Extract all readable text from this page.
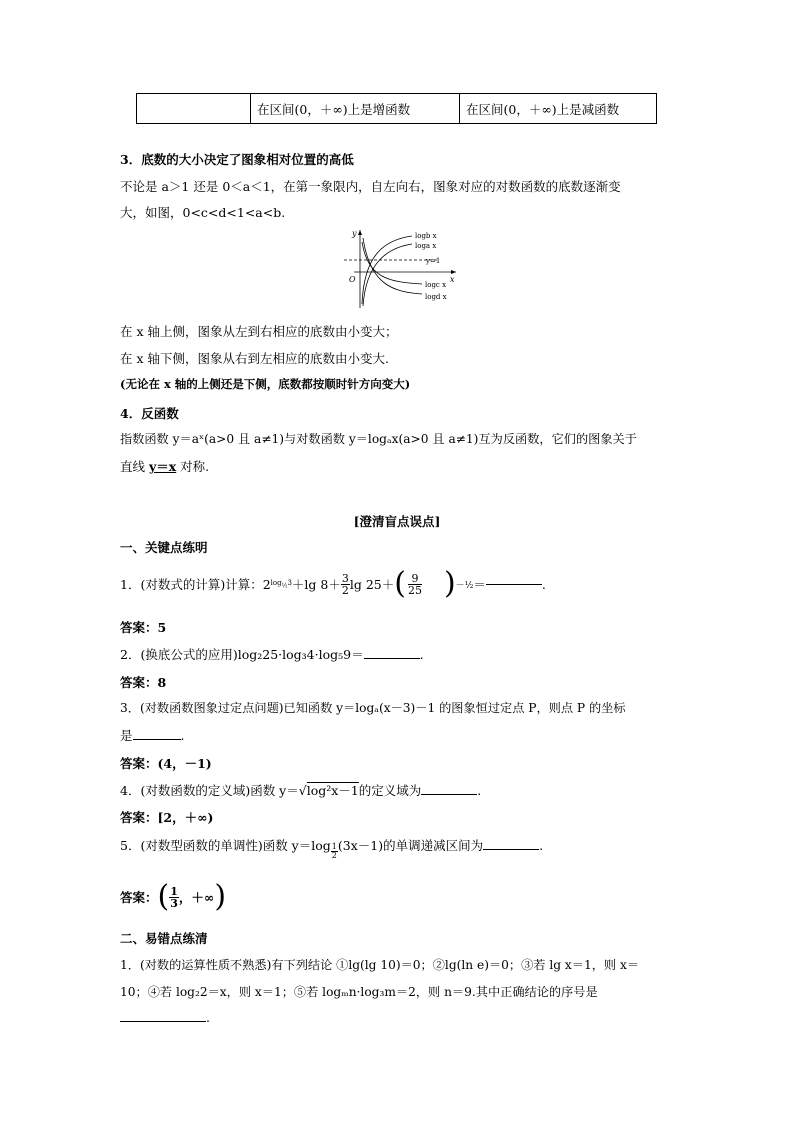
	在区间(0，＋∞)上是增函数	在区间(0，＋∞)上是减函数
3．底数的大小决定了图象相对位置的高低
不论是 a＞1 还是 0＜a＜1，在第一象限内，自左向右，图象对应的对数函数的底数逐渐变
大，如图，0<c<d<1<a<b.
y
x
O
y=1
logb x
loga x
logc x
logd x
在 x 轴上侧，图象从左到右相应的底数由小变大；
在 x 轴下侧，图象从右到左相应的底数由小变大.
(无论在 x 轴的上侧还是下侧，底数都按顺时针方向变大)
4．反函数
指数函数 y＝aˣ(a>0 且 a≠1)与对数函数 y＝logₐx(a>0 且 a≠1)互为反函数，它们的图象关于
直线 y＝x 对称.
[澄清盲点误点]
一、关键点练明
1．(对数式的计算)计算：2 $\log_{\frac{1}{2}}3 +\lg$ $8+ \frac{3}{2}$ lg 25＋ ( $\frac{9}{25}$ ) －½ ＝	.
答案：5
2．(换底公式的应用)log₂25·log₃4·log₅9＝	.
答案：8
3．(对数函数图象过定点问题)已知函数 y＝logₐ(x－3)－1 的图象恒过定点 P，则点 P 的坐标
是	.
答案：(4，－1)
4．(对数函数的定义域)函数 y＝√log²x－1的定义域为	.
答案：[2，＋∞)
5．(对数型函数的单调性)函数 $y=\log \frac{1}{2} (3x-1)$的单调递减区间为	.
答案： ( $\frac{1}{3}$ ，＋∞ )
二、易错点练清
1．(对数的运算性质不熟悉)有下列结论 ①lg(lg 10)＝0；②lg(ln e)＝0；③若 lg x＝1，则 x＝
10；④若 log₂2＝x，则 x＝1；⑤若 logₘn·log₃m＝2，则 n＝9.其中正确结论的序号是
.
